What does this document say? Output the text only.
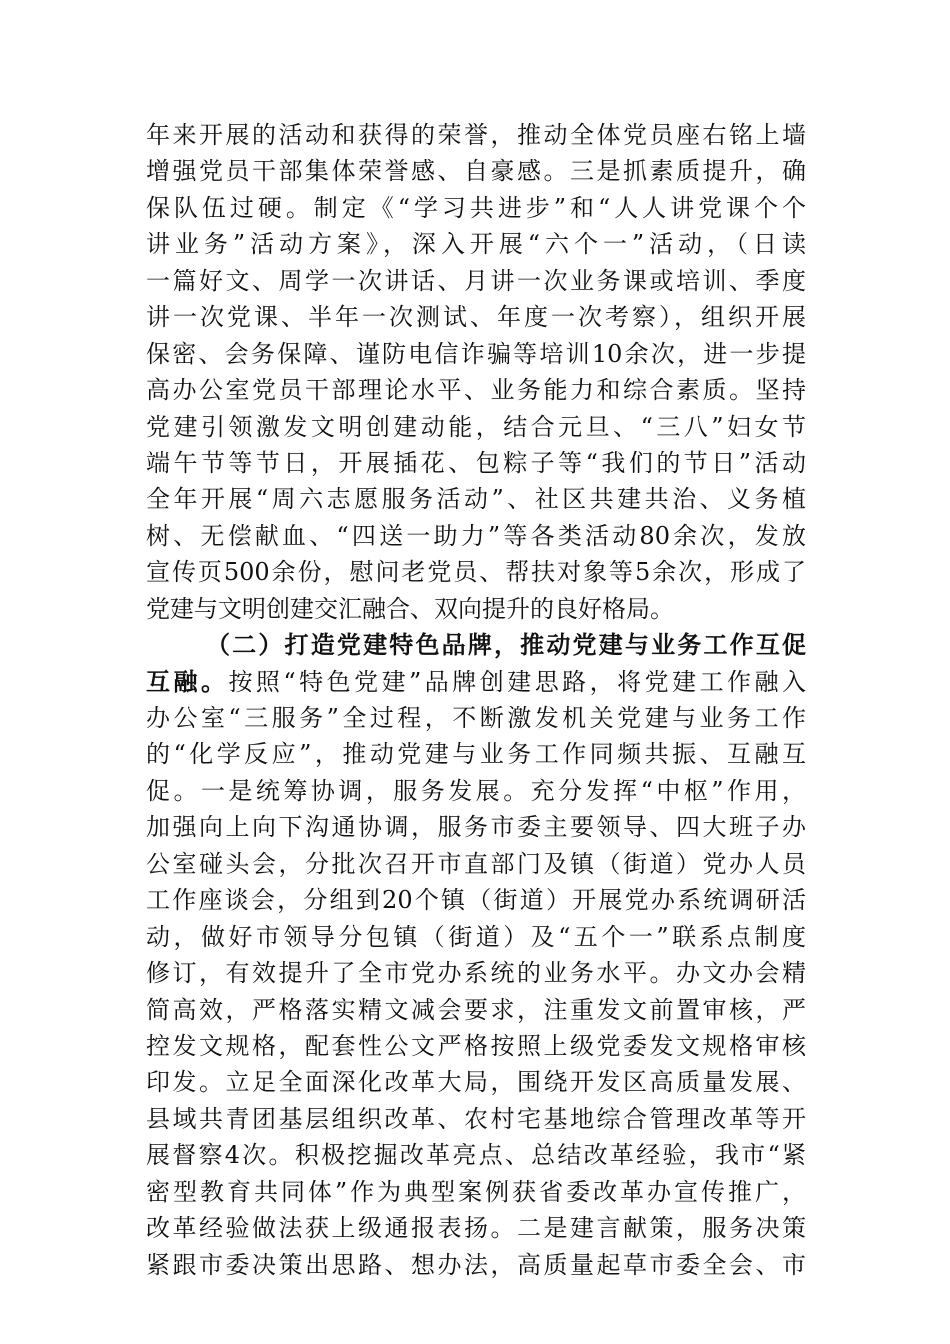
年来开展的活动和获得的荣誉，推动全体党员座右铭上墙
增强党员干部集体荣誉感、自豪感。三是抓素质提升，确
保队伍过硬。制定《“学习共进步”和“人人讲党课个个
讲业务”活动方案》，深入开展“六个一”活动，（日读
一篇好文、周学一次讲话、月讲一次业务课或培训、季度
讲一次党课、半年一次测试、年度一次考察），组织开展
保密、会务保障、谨防电信诈骗等培训10余次，进一步提
高办公室党员干部理论水平、业务能力和综合素质。坚持
党建引领激发文明创建动能，结合元旦、“三八”妇女节
端午节等节日，开展插花、包粽子等“我们的节日”活动
全年开展“周六志愿服务活动”、社区共建共治、义务植
树、无偿献血、“四送一助力”等各类活动80余次，发放
宣传页500余份，慰问老党员、帮扶对象等5余次，形成了
党建与文明创建交汇融合、双向提升的良好格局。
（二）打造党建特色品牌，推动党建与业务工作互促
互融。按照“特色党建”品牌创建思路，将党建工作融入
办公室“三服务”全过程，不断激发机关党建与业务工作
的“化学反应”，推动党建与业务工作同频共振、互融互
促。一是统筹协调，服务发展。充分发挥“中枢”作用，
加强向上向下沟通协调，服务市委主要领导、四大班子办
公室碰头会，分批次召开市直部门及镇（街道）党办人员
工作座谈会，分组到20个镇（街道）开展党办系统调研活
动，做好市领导分包镇（街道）及“五个一”联系点制度
修订，有效提升了全市党办系统的业务水平。办文办会精
简高效，严格落实精文减会要求，注重发文前置审核，严
控发文规格，配套性公文严格按照上级党委发文规格审核
印发。立足全面深化改革大局，围绕开发区高质量发展、
县域共青团基层组织改革、农村宅基地综合管理改革等开
展督察4次。积极挖掘改革亮点、总结改革经验，我市“紧
密型教育共同体”作为典型案例获省委改革办宣传推广，
改革经验做法获上级通报表扬。二是建言献策，服务决策
紧跟市委决策出思路、想办法，高质量起草市委全会、市
